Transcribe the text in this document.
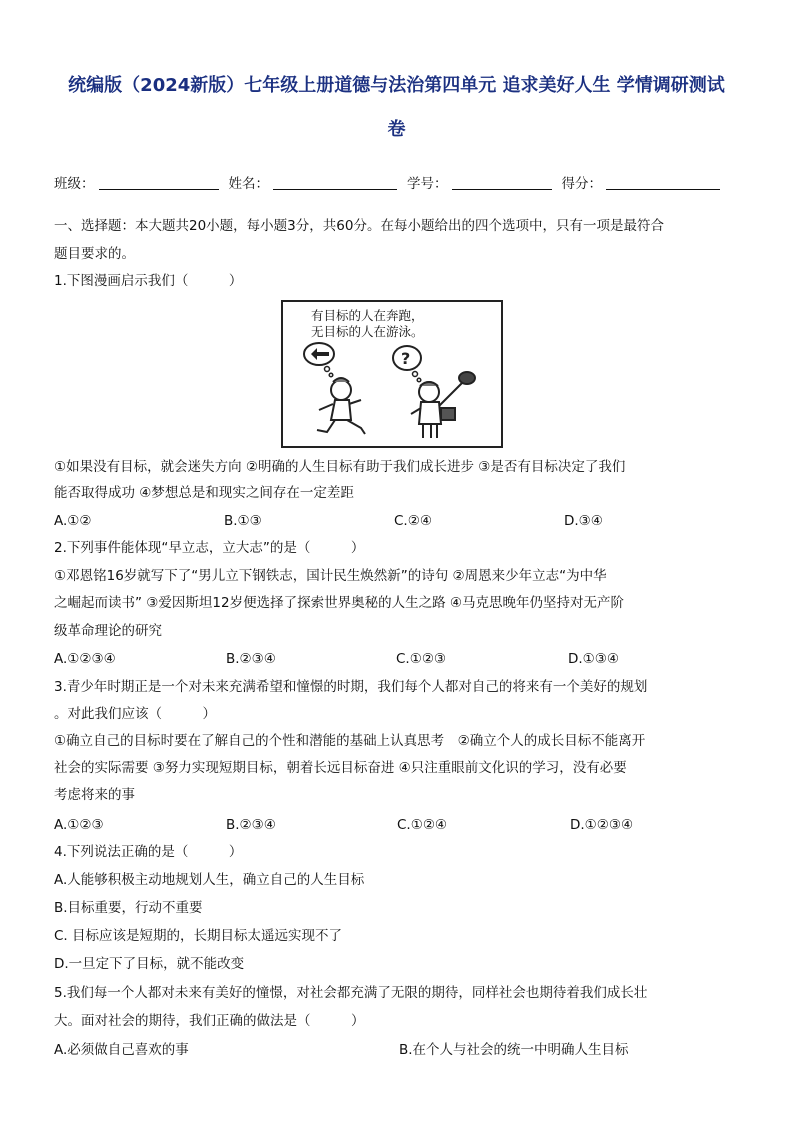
统编版（2024新版）七年级上册道德与法治第四单元 追求美好人生 学情调研测试
卷
班级：	姓名：	学号：	得分：
一、选择题：本大题共20小题，每小题3分，共60分。在每小题给出的四个选项中，只有一项是最符合
题目要求的。
1.下图漫画启示我们（　　　）
有目标的人在奔跑，
无目标的人在游泳。
?
①如果没有目标，就会迷失方向 ②明确的人生目标有助于我们成长进步 ③是否有目标决定了我们
能否取得成功 ④梦想总是和现实之间存在一定差距
A.①②	B.①③	C.②④	D.③④
2.下列事件能体现“早立志，立大志”的是（　　　）
①邓恩铭16岁就写下了“男儿立下钢铁志，国计民生焕然新”的诗句 ②周恩来少年立志“为中华
之崛起而读书” ③爱因斯坦12岁便选择了探索世界奥秘的人生之路 ④马克思晚年仍坚持对无产阶
级革命理论的研究
A.①②③④	B.②③④	C.①②③	D.①③④
3.青少年时期正是一个对未来充满希望和憧憬的时期，我们每个人都对自己的将来有一个美好的规划
。对此我们应该（　　　）
①确立自己的目标时要在了解自己的个性和潜能的基础上认真思考　②确立个人的成长目标不能离开
社会的实际需要 ③努力实现短期目标，朝着长远目标奋进 ④只注重眼前文化识的学习，没有必要
考虑将来的事
A.①②③	B.②③④	C.①②④	D.①②③④
4.下列说法正确的是（　　　）
A.人能够积极主动地规划人生，确立自己的人生目标
B.目标重要，行动不重要
C. 目标应该是短期的，长期目标太遥远实现不了
D.一旦定下了目标，就不能改变
5.我们每一个人都对未来有美好的憧憬，对社会都充满了无限的期待，同样社会也期待着我们成长壮
大。面对社会的期待，我们正确的做法是（　　　）
A.必须做自己喜欢的事	B.在个人与社会的统一中明确人生目标
